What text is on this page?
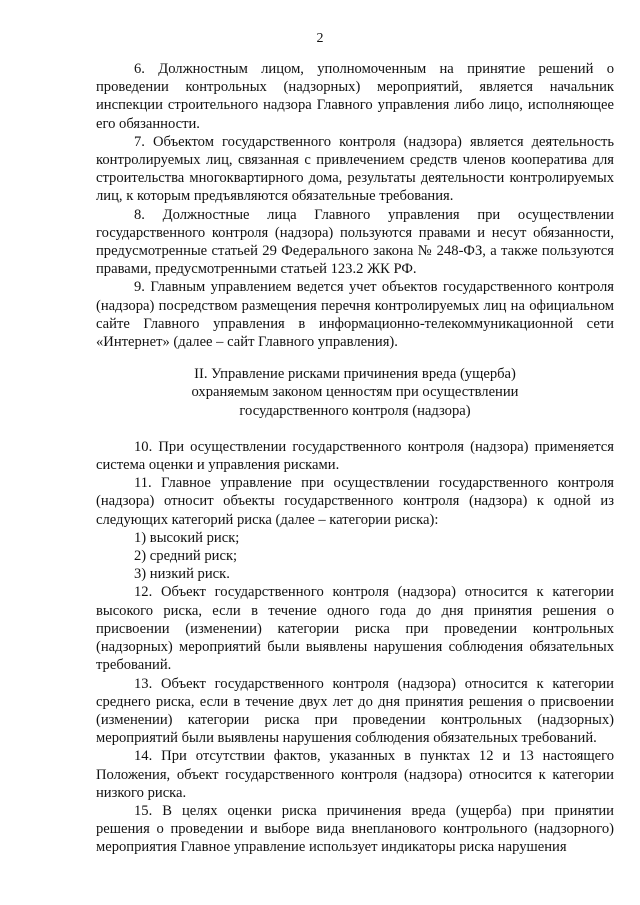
2

6. Должностным лицом, уполномоченным на принятие решений о проведении контрольных (надзорных) мероприятий, является начальник инспекции строительного надзора Главного управления либо лицо, исполняющее его обязанности.

7. Объектом государственного контроля (надзора) является деятельность контролируемых лиц, связанная с привлечением средств членов кооператива для строительства многоквартирного дома, результаты деятельности контролируемых лиц, к которым предъявляются обязательные требования.

8. Должностные лица Главного управления при осуществлении государственного контроля (надзора) пользуются правами и несут обязанности, предусмотренные статьей 29 Федерального закона № 248-ФЗ, а также пользуются правами, предусмотренными статьей 123.2 ЖК РФ.

9. Главным управлением ведется учет объектов государственного контроля (надзора) посредством размещения перечня контролируемых лиц на официальном сайте Главного управления в информационно-телекоммуникационной сети «Интернет» (далее – сайт Главного управления).

II. Управление рисками причинения вреда (ущерба)
охраняемым законом ценностям при осуществлении
государственного контроля (надзора)

10. При осуществлении государственного контроля (надзора) применяется система оценки и управления рисками.

11. Главное управление при осуществлении государственного контроля (надзора) относит объекты государственного контроля (надзора) к одной из следующих категорий риска (далее – категории риска):

1) высокий риск;

2) средний риск;

3) низкий риск.

12. Объект государственного контроля (надзора) относится к категории высокого риска, если в течение одного года до дня принятия решения о присвоении (изменении) категории риска при проведении контрольных (надзорных) мероприятий были выявлены нарушения соблюдения обязательных требований.

13. Объект государственного контроля (надзора) относится к категории среднего риска, если в течение двух лет до дня принятия решения о присвоении (изменении) категории риска при проведении контрольных (надзорных) мероприятий были выявлены нарушения соблюдения обязательных требований.

14. При отсутствии фактов, указанных в пунктах 12 и 13 настоящего Положения, объект государственного контроля (надзора) относится к категории низкого риска.

15. В целях оценки риска причинения вреда (ущерба) при принятии решения о проведении и выборе вида внепланового контрольного (надзорного) мероприятия Главное управление использует индикаторы риска нарушения
